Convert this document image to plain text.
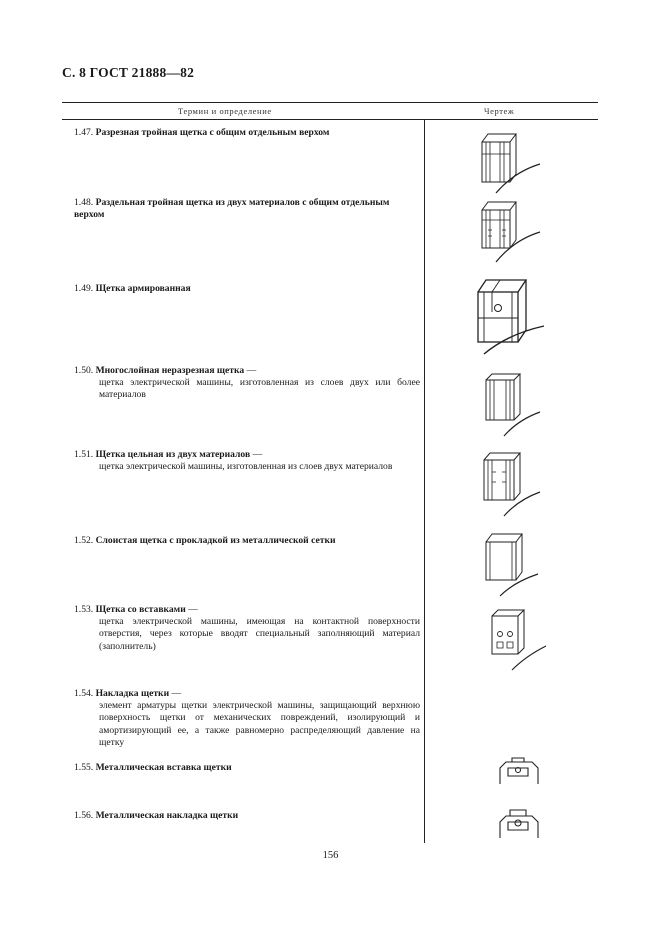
С. 8 ГОСТ 21888—82
Термин и определение	Чертеж
1.47. Разрезная тройная щетка с общим отдельным верхом
1.48. Раздельная тройная щетка из двух материалов с общим отдельным верхом
1.49. Щетка армированная
1.50. Многослойная неразрезная щетка —
щетка электрической машины, изготовленная из слоев двух или более материалов
1.51. Щетка цельная из двух материалов —
щетка электрической машины, изготовленная из слоев двух материалов
1.52. Слоистая щетка с прокладкой из металлической сетки
1.53. Щетка со вставками —
щетка электрической машины, имеющая на контактной поверхности отверстия, через которые вводят специальный заполняющий материал (заполнитель)
1.54. Накладка щетки —
элемент арматуры щетки электрической машины, защищающий верхнюю поверхность щетки от механических повреждений, изолирующий и амортизирующий ее, а также равномерно распределяющий давление на щетку
1.55. Металлическая вставка щетки
1.56. Металлическая накладка щетки
156
